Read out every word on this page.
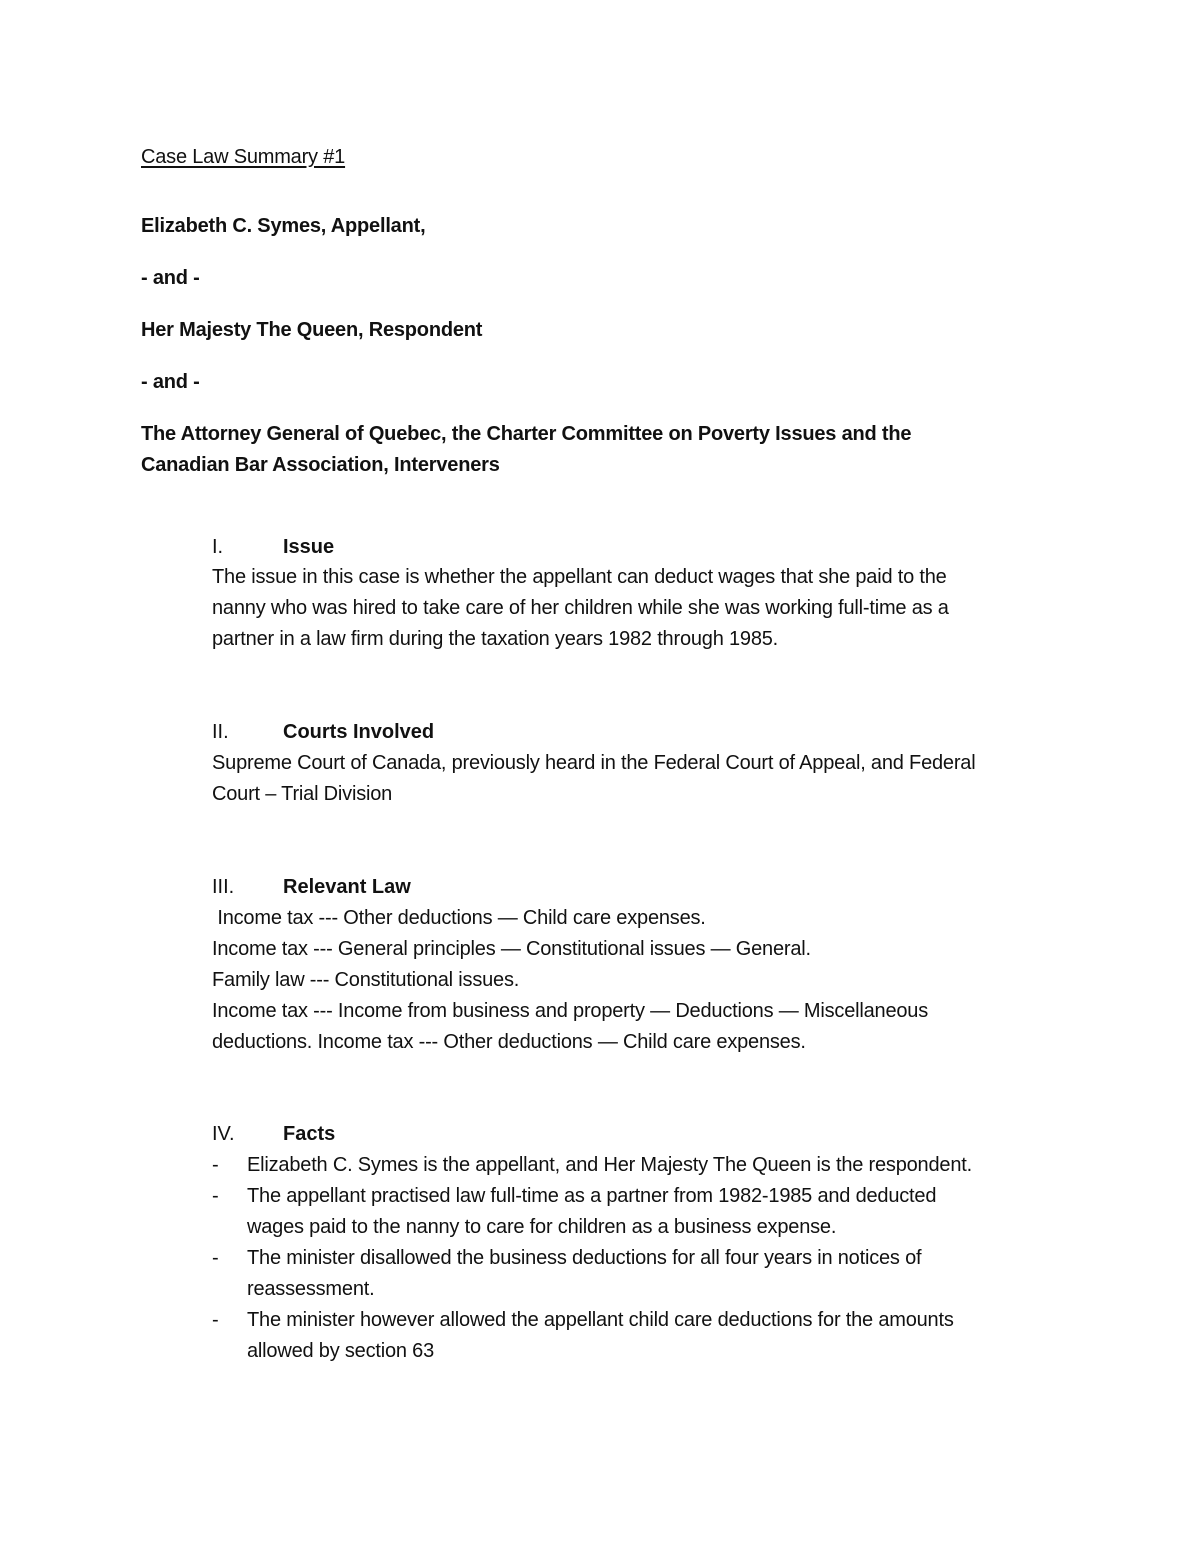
Case Law Summary #1
Elizabeth C. Symes, Appellant,
- and -
Her Majesty The Queen, Respondent
- and -
The Attorney General of Quebec, the Charter Committee on Poverty Issues and the
Canadian Bar Association, Interveners
I.	Issue
The issue in this case is whether the appellant can deduct wages that she paid to the
nanny who was hired to take care of her children while she was working full-time as a
partner in a law firm during the taxation years 1982 through 1985.
II.	Courts Involved
Supreme Court of Canada, previously heard in the Federal Court of Appeal, and Federal
Court – Trial Division
III. Relevant Law
Income tax --- Other deductions — Child care expenses.
Income tax --- General principles — Constitutional issues — General.
Family law --- Constitutional issues.
Income tax --- Income from business and property — Deductions — Miscellaneous
deductions. Income tax --- Other deductions — Child care expenses.
IV. Facts
- Elizabeth C. Symes is the appellant, and Her Majesty The Queen is the respondent.
- The appellant practised law full-time as a partner from 1982-1985 and deducted
wages paid to the nanny to care for children as a business expense.
- The minister disallowed the business deductions for all four years in notices of
reassessment.
- The minister however allowed the appellant child care deductions for the amounts
allowed by section 63
